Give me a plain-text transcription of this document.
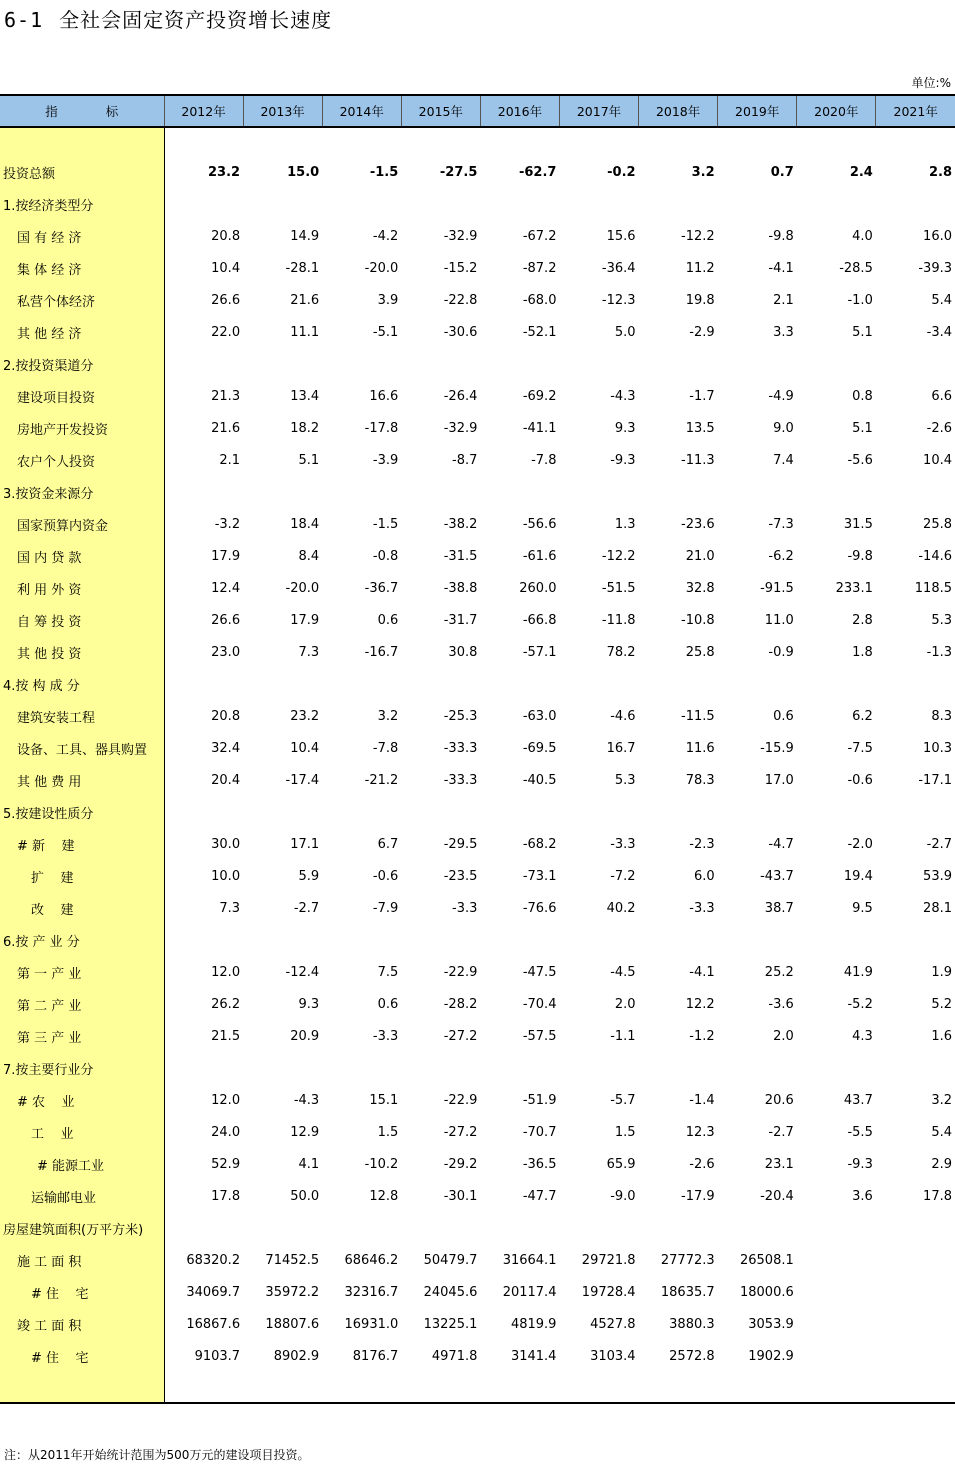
6-1 全社会固定资产投资增长速度
单位:%
指 标	2012年	2013年	2014年	2015年	2016年	2017年	2018年	2019年	2020年	2021年

投资总额	23.2	15.0	-1.5	-27.5	-62.7	-0.2	3.2	0.7	2.4	2.8
1.按经济类型分										
国 有 经 济	20.8	14.9	-4.2	-32.9	-67.2	15.6	-12.2	-9.8	4.0	16.0
集 体 经 济	10.4	-28.1	-20.0	-15.2	-87.2	-36.4	11.2	-4.1	-28.5	-39.3
私营个体经济	26.6	21.6	3.9	-22.8	-68.0	-12.3	19.8	2.1	-1.0	5.4
其 他 经 济	22.0	11.1	-5.1	-30.6	-52.1	5.0	-2.9	3.3	5.1	-3.4
2.按投资渠道分										
建设项目投资	21.3	13.4	16.6	-26.4	-69.2	-4.3	-1.7	-4.9	0.8	6.6
房地产开发投资	21.6	18.2	-17.8	-32.9	-41.1	9.3	13.5	9.0	5.1	-2.6
农户个人投资	2.1	5.1	-3.9	-8.7	-7.8	-9.3	-11.3	7.4	-5.6	10.4
3.按资金来源分										
国家预算内资金	-3.2	18.4	-1.5	-38.2	-56.6	1.3	-23.6	-7.3	31.5	25.8
国 内 贷 款	17.9	8.4	-0.8	-31.5	-61.6	-12.2	21.0	-6.2	-9.8	-14.6
利 用 外 资	12.4	-20.0	-36.7	-38.8	260.0	-51.5	32.8	-91.5	233.1	118.5
自 筹 投 资	26.6	17.9	0.6	-31.7	-66.8	-11.8	-10.8	11.0	2.8	5.3
其 他 投 资	23.0	7.3	-16.7	30.8	-57.1	78.2	25.8	-0.9	1.8	-1.3
4.按 构 成 分										
建筑安装工程	20.8	23.2	3.2	-25.3	-63.0	-4.6	-11.5	0.6	6.2	8.3
设备、工具、器具购置	32.4	10.4	-7.8	-33.3	-69.5	16.7	11.6	-15.9	-7.5	10.3
其 他 费 用	20.4	-17.4	-21.2	-33.3	-40.5	5.3	78.3	17.0	-0.6	-17.1
5.按建设性质分										
# 新    建	30.0	17.1	6.7	-29.5	-68.2	-3.3	-2.3	-4.7	-2.0	-2.7
扩    建	10.0	5.9	-0.6	-23.5	-73.1	-7.2	6.0	-43.7	19.4	53.9
改    建	7.3	-2.7	-7.9	-3.3	-76.6	40.2	-3.3	38.7	9.5	28.1
6.按 产 业 分										
第 一 产 业	12.0	-12.4	7.5	-22.9	-47.5	-4.5	-4.1	25.2	41.9	1.9
第 二 产 业	26.2	9.3	0.6	-28.2	-70.4	2.0	12.2	-3.6	-5.2	5.2
第 三 产 业	21.5	20.9	-3.3	-27.2	-57.5	-1.1	-1.2	2.0	4.3	1.6
7.按主要行业分										
# 农    业	12.0	-4.3	15.1	-22.9	-51.9	-5.7	-1.4	20.6	43.7	3.2
工    业	24.0	12.9	1.5	-27.2	-70.7	1.5	12.3	-2.7	-5.5	5.4
# 能源工业	52.9	4.1	-10.2	-29.2	-36.5	65.9	-2.6	23.1	-9.3	2.9
运输邮电业	17.8	50.0	12.8	-30.1	-47.7	-9.0	-17.9	-20.4	3.6	17.8
房屋建筑面积(万平方米)										
施 工 面 积	68320.2	71452.5	68646.2	50479.7	31664.1	29721.8	27772.3	26508.1		
# 住    宅	34069.7	35972.2	32316.7	24045.6	20117.4	19728.4	18635.7	18000.6		
竣 工 面 积	16867.6	18807.6	16931.0	13225.1	4819.9	4527.8	3880.3	3053.9		
# 住    宅	9103.7	8902.9	8176.7	4971.8	3141.4	3103.4	2572.8	1902.9		

注：从2011年开始统计范围为500万元的建设项目投资。
